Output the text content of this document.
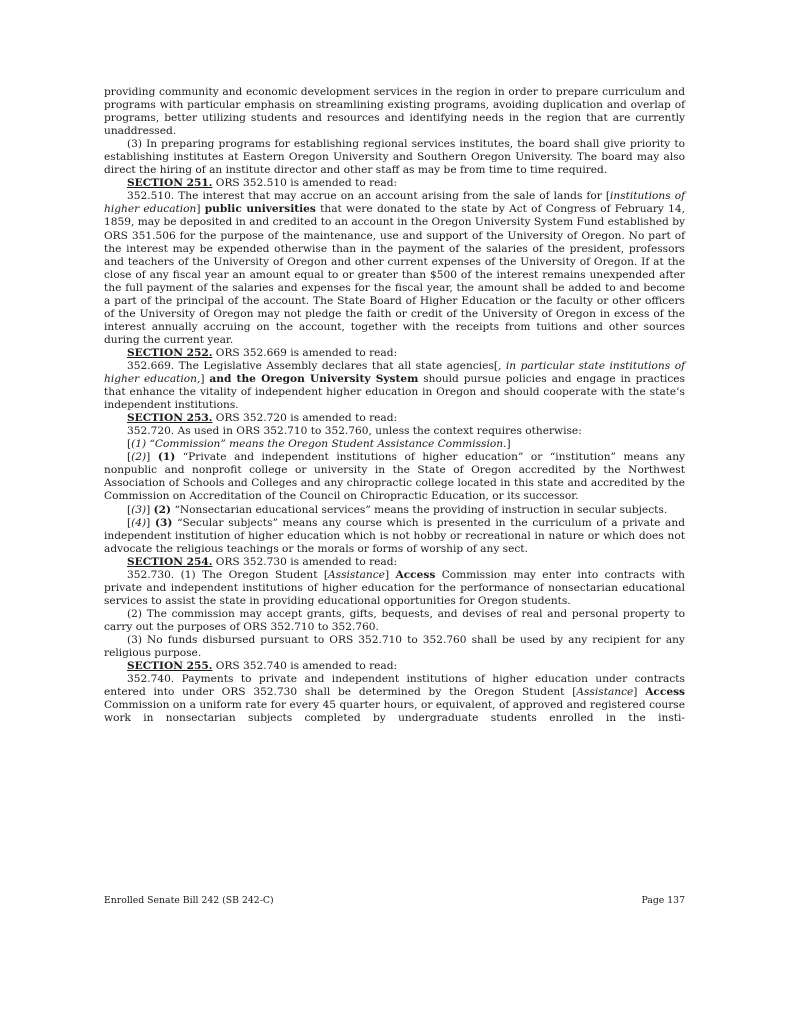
providing community and economic development services in the region in order to prepare curriculum and programs with particular emphasis on streamlining existing programs, avoiding duplication and overlap of programs, better utilizing students and resources and identifying needs in the region that are currently unaddressed.

(3) In preparing programs for establishing regional services institutes, the board shall give priority to establishing institutes at Eastern Oregon University and Southern Oregon University. The board may also direct the hiring of an institute director and other staff as may be from time to time required.

SECTION 251. ORS 352.510 is amended to read:

352.510. The interest that may accrue on an account arising from the sale of lands for [institutions of higher education] public universities that were donated to the state by Act of Congress of February 14, 1859, may be deposited in and credited to an account in the Oregon University System Fund established by ORS 351.506 for the purpose of the maintenance, use and support of the University of Oregon. No part of the interest may be expended otherwise than in the payment of the salaries of the president, professors and teachers of the University of Oregon and other current expenses of the University of Oregon. If at the close of any fiscal year an amount equal to or greater than $500 of the interest remains unexpended after the full payment of the salaries and expenses for the fiscal year, the amount shall be added to and become a part of the principal of the account. The State Board of Higher Education or the faculty or other officers of the University of Oregon may not pledge the faith or credit of the University of Oregon in excess of the interest annually accruing on the account, together with the receipts from tuitions and other sources during the current year.

SECTION 252. ORS 352.669 is amended to read:

352.669. The Legislative Assembly declares that all state agencies[, in particular state institutions of higher education,] and the Oregon University System should pursue policies and engage in practices that enhance the vitality of independent higher education in Oregon and should cooperate with the state’s independent institutions.

SECTION 253. ORS 352.720 is amended to read:

352.720. As used in ORS 352.710 to 352.760, unless the context requires otherwise:

[(1) “Commission” means the Oregon Student Assistance Commission.]

[(2)] (1) “Private and independent institutions of higher education” or “institution” means any nonpublic and nonprofit college or university in the State of Oregon accredited by the Northwest Association of Schools and Colleges and any chiropractic college located in this state and accredited by the Commission on Accreditation of the Council on Chiropractic Education, or its successor.

[(3)] (2) “Nonsectarian educational services” means the providing of instruction in secular subjects.

[(4)] (3) “Secular subjects” means any course which is presented in the curriculum of a private and independent institution of higher education which is not hobby or recreational in nature or which does not advocate the religious teachings or the morals or forms of worship of any sect.

SECTION 254. ORS 352.730 is amended to read:

352.730. (1) The Oregon Student [Assistance] Access Commission may enter into contracts with private and independent institutions of higher education for the performance of nonsectarian educational services to assist the state in providing educational opportunities for Oregon students.

(2) The commission may accept grants, gifts, bequests, and devises of real and personal property to carry out the purposes of ORS 352.710 to 352.760.

(3) No funds disbursed pursuant to ORS 352.710 to 352.760 shall be used by any recipient for any religious purpose.

SECTION 255. ORS 352.740 is amended to read:

352.740. Payments to private and independent institutions of higher education under contracts entered into under ORS 352.730 shall be determined by the Oregon Student [Assistance] Access Commission on a uniform rate for every 45 quarter hours, or equivalent, of approved and registered course work in nonsectarian subjects completed by undergraduate students enrolled in the insti-

Enrolled Senate Bill 242 (SB 242-C)	Page 137
